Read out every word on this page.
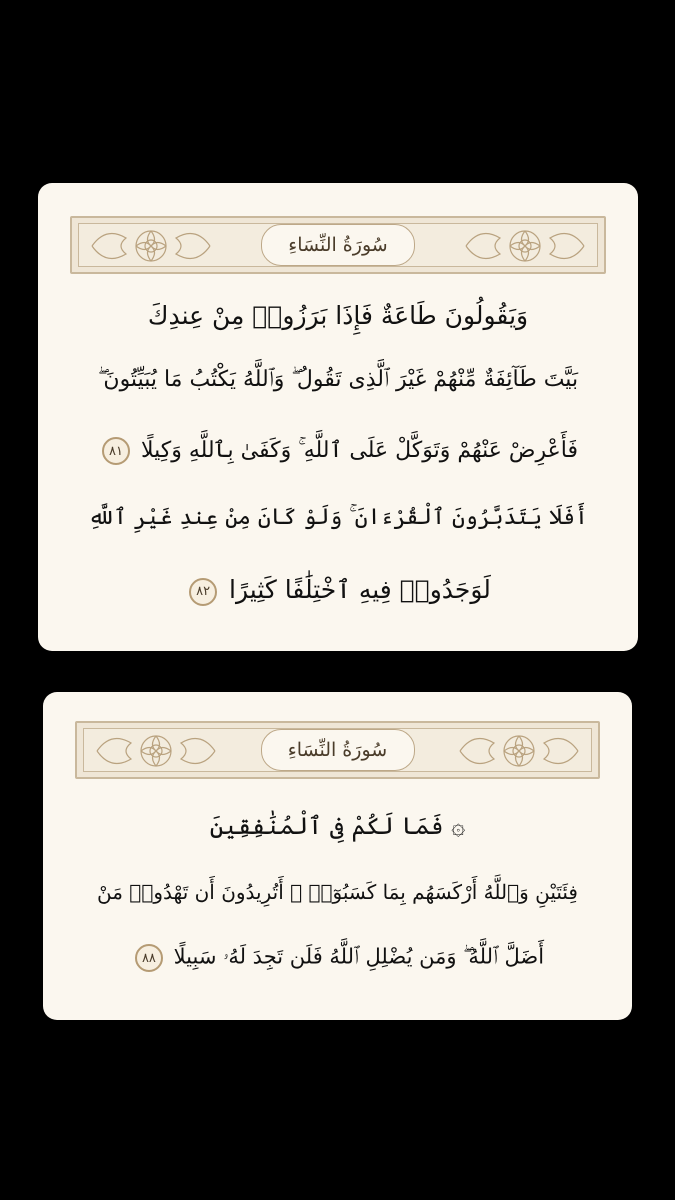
سُورَةُ النِّسَاءِ
وَيَقُولُونَ طَاعَةٌ فَإِذَا بَرَزُوا۟ مِنْ عِندِكَ
بَيَّتَ طَآئِفَةٌ مِّنْهُمْ غَيْرَ ٱلَّذِى تَقُولُ ۖ وَٱللَّهُ يَكْتُبُ مَا يُبَيِّتُونَ ۖ
فَأَعْرِضْ عَنْهُمْ وَتَوَكَّلْ عَلَى ٱللَّهِ ۚ وَكَفَىٰ بِٱللَّهِ وَكِيلًا ٨١
أَفَلَا يَتَدَبَّرُونَ ٱلْقُرْءَانَ ۚ وَلَوْ كَانَ مِنْ عِندِ غَيْرِ ٱللَّهِ
لَوَجَدُوا۟ فِيهِ ٱخْتِلَٰفًا كَثِيرًا ٨٢
سُورَةُ النِّسَاءِ
۞ فَمَا لَكُمْ فِى ٱلْمُنَٰفِقِينَ
فِئَتَيْنِ وَٱللَّهُ أَرْكَسَهُم بِمَا كَسَبُوٓا۟ ۚ أَتُرِيدُونَ أَن تَهْدُوا۟ مَنْ
أَضَلَّ ٱللَّهُ ۖ وَمَن يُضْلِلِ ٱللَّهُ فَلَن تَجِدَ لَهُۥ سَبِيلًا ٨٨
